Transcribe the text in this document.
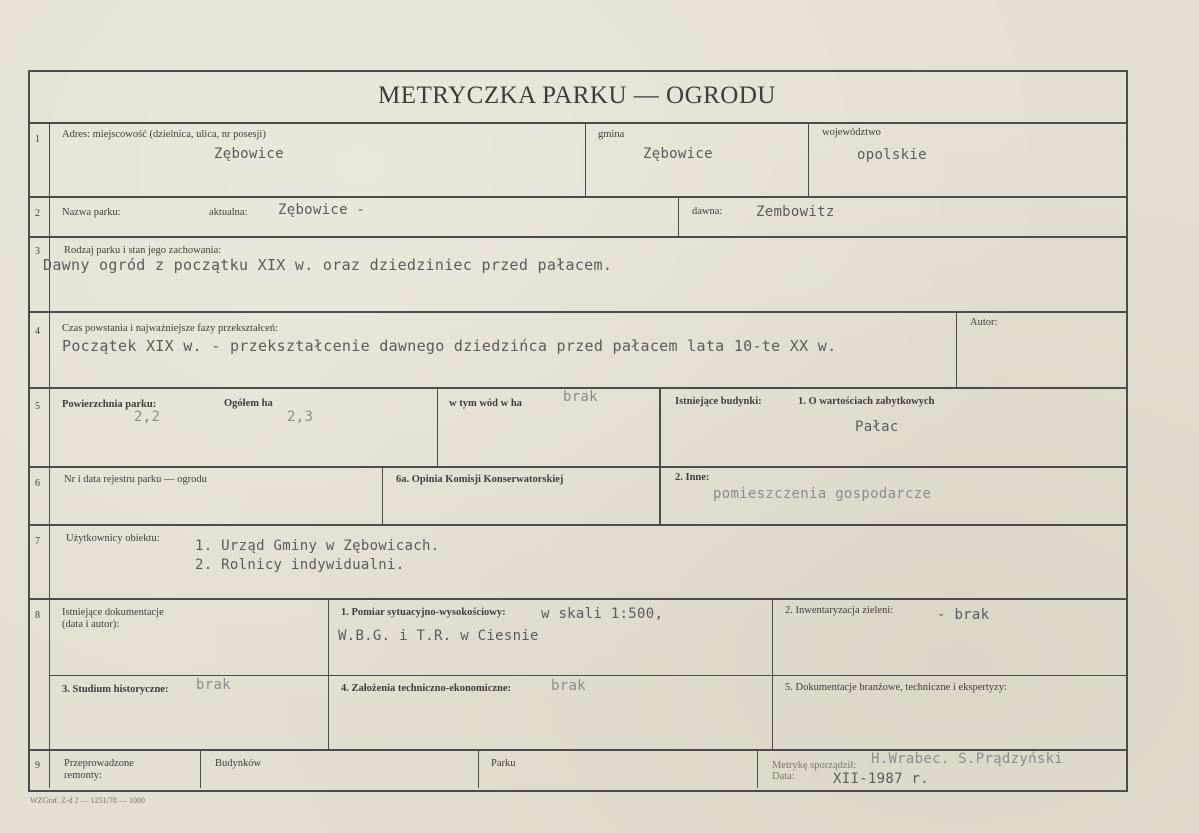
METRYCZKA PARKU — OGRODU
1 Adres: miejscowość (dzielnica, ulica, nr posesji)
Zębowice
gmina
Zębowice
województwo
opolskie
2 Nazwa parku:	aktualna: Zębowice -	dawna: Zembowitz
3 Rodzaj parku i stan jego zachowania:
Dawny ogród z początku XIX w. oraz dziedziniec przed pałacem.
4 Czas powstania i najważniejsze fazy przekształceń:
Początek XIX w. - przekształcenie dawnego dziedzińca przed pałacem lata 10-te XX w.
Autor:
5 Powierzchnia parku:
2,2
Ogółem ha
2,3
w tym wód w ha	brak	Istniejące budynki:	1. O wartościach zabytkowych
Pałac
6 Nr i data rejestru parku — ogrodu	6a. Opinia Komisji Konserwatorskiej	2. Inne:
pomieszczenia gospodarcze
7 Użytkownicy obiektu:	1. Urząd Gminy w Zębowicach.
2. Rolnicy indywidualni.
8 Istniejące dokumentacje
(data i autor):
1. Pomiar sytuacyjno-wysokościowy:	w skali 1:500,
W.B.G. i T.R. w Ciesnie
2. Inwentaryzacja zieleni:	- brak
3. Studium historyczne: brak	4. Założenia techniczno-ekonomiczne:	brak	5. Dokumentacje branżowe, techniczne i ekspertyzy:
9 Przeprowadzone
remonty:
Budynków	Parku	Metrykę sporządził: H.Wrabec. S.Prądzyński
Data:	XII-1987 r.
WZGraf. Z-d 2 — 1251/78 — 1000
